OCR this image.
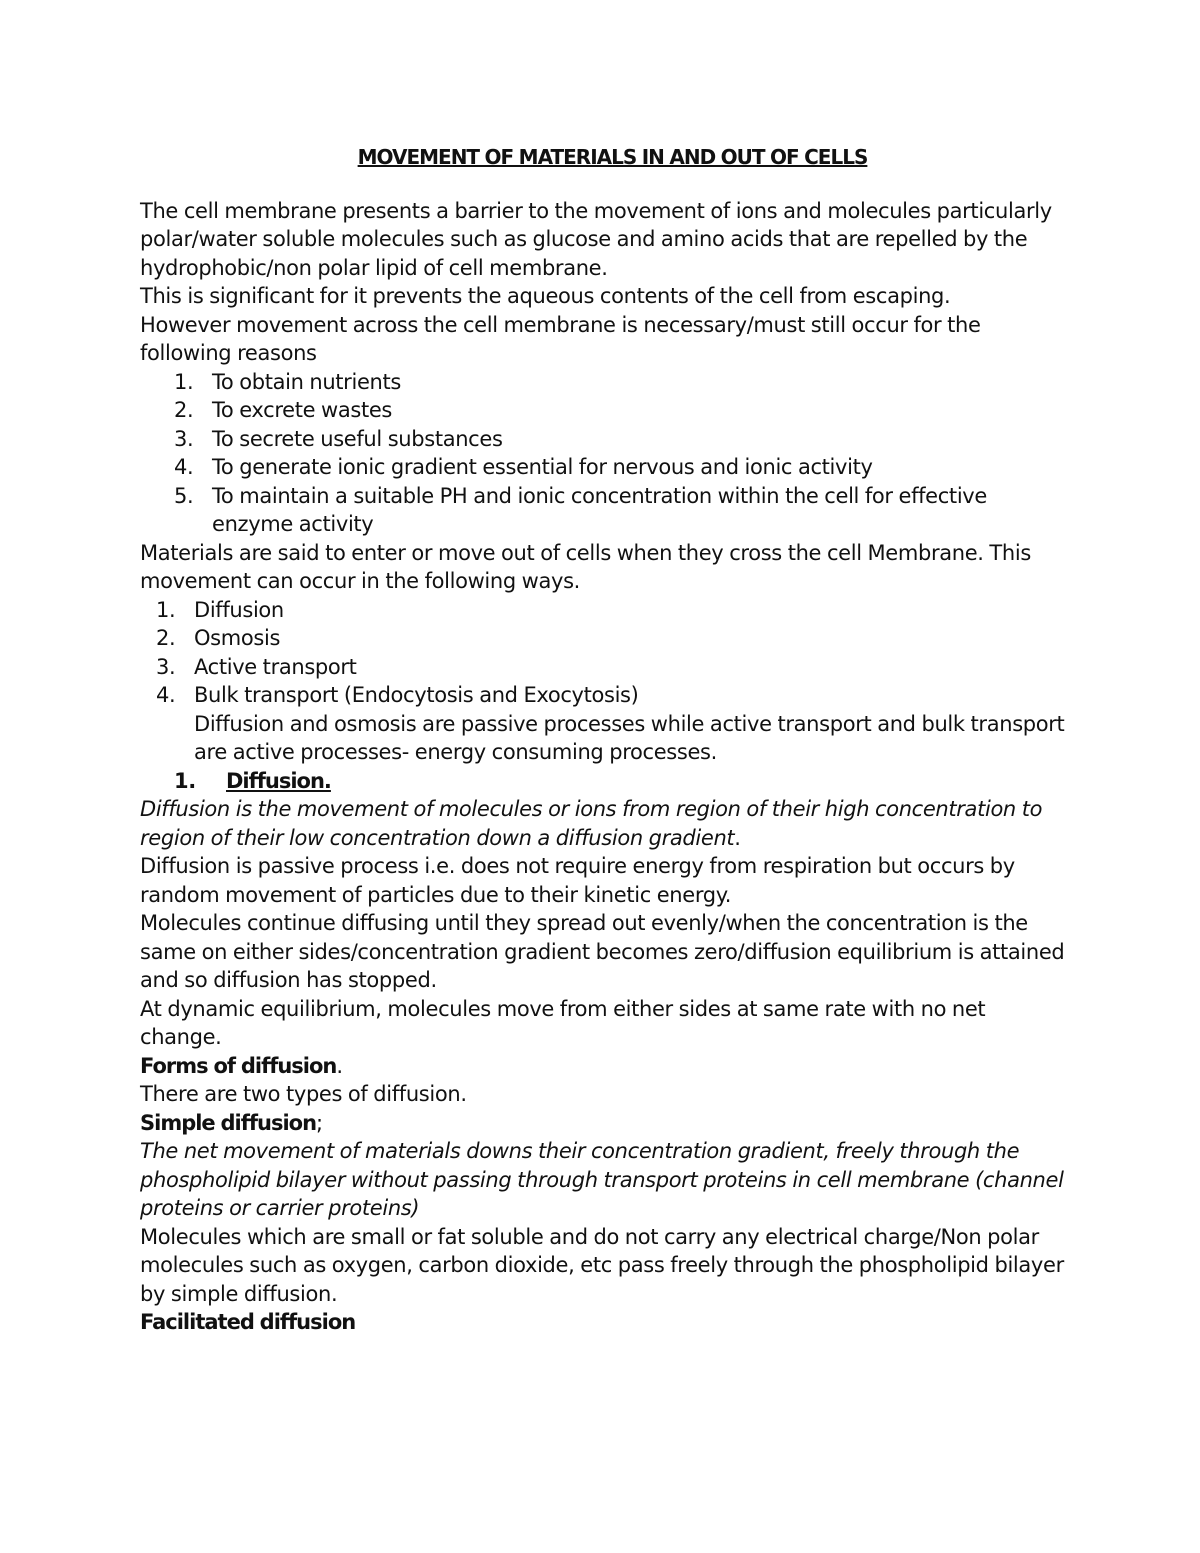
MOVEMENT OF MATERIALS IN AND OUT OF CELLS

The cell membrane presents a barrier to the movement of ions and molecules particularly polar/water soluble molecules such as glucose and amino acids that are repelled by the hydrophobic/non polar lipid of cell membrane.

This is significant for it prevents the aqueous contents of the cell from escaping.

However movement across the cell membrane is necessary/must still occur for the following reasons

1. To obtain nutrients
2. To excrete wastes
3. To secrete useful substances
4. To generate ionic gradient essential for nervous and ionic activity
5. To maintain a suitable PH and ionic concentration within the cell for effective enzyme activity

Materials are said to enter or move out of cells when they cross the cell Membrane. This movement can occur in the following ways.

1. Diffusion
2. Osmosis
3. Active transport
4. Bulk transport (Endocytosis and Exocytosis)

Diffusion and osmosis are passive processes while active transport and bulk transport are active processes- energy consuming processes.

1. Diffusion.

Diffusion is the movement of molecules or ions from region of their high concentration to region of their low concentration down a diffusion gradient.

Diffusion is passive process i.e. does not require energy from respiration but occurs by random movement of particles due to their kinetic energy.

Molecules continue diffusing until they spread out evenly/when the concentration is the same on either sides/concentration gradient becomes zero/diffusion equilibrium is attained and so diffusion has stopped.

At dynamic equilibrium, molecules move from either sides at same rate with no net change.

Forms of diffusion.

There are two types of diffusion.

Simple diffusion;

The net movement of materials downs their concentration gradient, freely through the phospholipid bilayer without passing through transport proteins in cell membrane (channel proteins or carrier proteins)

Molecules which are small or fat soluble and do not carry any electrical charge/Non polar molecules such as oxygen, carbon dioxide, etc pass freely through the phospholipid bilayer by simple diffusion.

Facilitated diffusion
